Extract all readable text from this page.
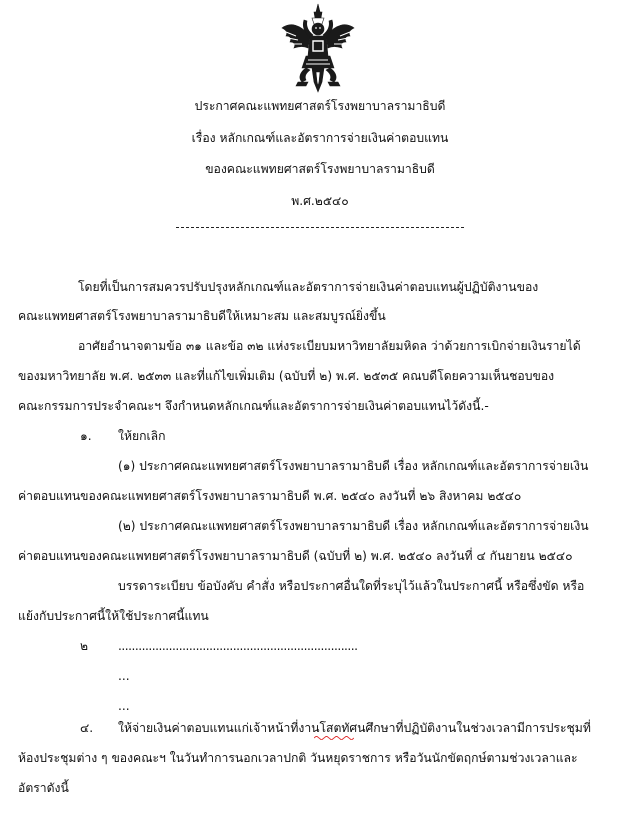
ประกาศคณะแพทยศาสตร์โรงพยาบาลรามาธิบดี
เรื่อง หลักเกณฑ์และอัตราการจ่ายเงินค่าตอบแทน
ของคณะแพทยศาสตร์โรงพยาบาลรามาธิบดี
พ.ศ.๒๕๔๐
โดยที่เป็นการสมควรปรับปรุงหลักเกณฑ์และอัตราการจ่ายเงินค่าตอบแทนผู้ปฏิบัติงานของ
คณะแพทยศาสตร์โรงพยาบาลรามาธิบดีให้เหมาะสม และสมบูรณ์ยิ่งขึ้น
อาศัยอำนาจตามข้อ ๓๑ และข้อ ๓๒ แห่งระเบียบมหาวิทยาลัยมหิดล ว่าด้วยการเบิกจ่ายเงินรายได้
ของมหาวิทยาลัย พ.ศ. ๒๕๓๓ และที่แก้ไขเพิ่มเติม (ฉบับที่ ๒) พ.ศ. ๒๕๓๕ คณบดีโดยความเห็นชอบของ
คณะกรรมการประจำคณะฯ จึงกำหนดหลักเกณฑ์และอัตราการจ่ายเงินค่าตอบแทนไว้ดังนี้.-
๑. ให้ยกเลิก
(๑) ประกาศคณะแพทยศาสตร์โรงพยาบาลรามาธิบดี เรื่อง หลักเกณฑ์และอัตราการจ่ายเงิน
ค่าตอบแทนของคณะแพทยศาสตร์โรงพยาบาลรามาธิบดี พ.ศ. ๒๕๔๐ ลงวันที่ ๒๖ สิงหาคม ๒๕๔๐
(๒) ประกาศคณะแพทยศาสตร์โรงพยาบาลรามาธิบดี เรื่อง หลักเกณฑ์และอัตราการจ่ายเงิน
ค่าตอบแทนของคณะแพทยศาสตร์โรงพยาบาลรามาธิบดี (ฉบับที่ ๒) พ.ศ. ๒๕๔๐ ลงวันที่ ๔ กันยายน ๒๕๔๐
บรรดาระเบียบ ข้อบังคับ คำสั่ง หรือประกาศอื่นใดที่ระบุไว้แล้วในประกาศนี้ หรือซึ่งขัด หรือ
แย้งกับประกาศนี้ให้ใช้ประกาศนี้แทน
๒ .......................................................................
...
...
๔. ให้จ่ายเงินค่าตอบแทนแก่เจ้าหน้าที่งานโสตทัศนศึกษาที่ปฏิบัติงานในช่วงเวลามีการประชุมที่
ห้องประชุมต่าง ๆ ของคณะฯ ในวันทำการนอกเวลาปกติ วันหยุดราชการ หรือวันนักขัตฤกษ์ตามช่วงเวลาและ
อัตราดังนี้
